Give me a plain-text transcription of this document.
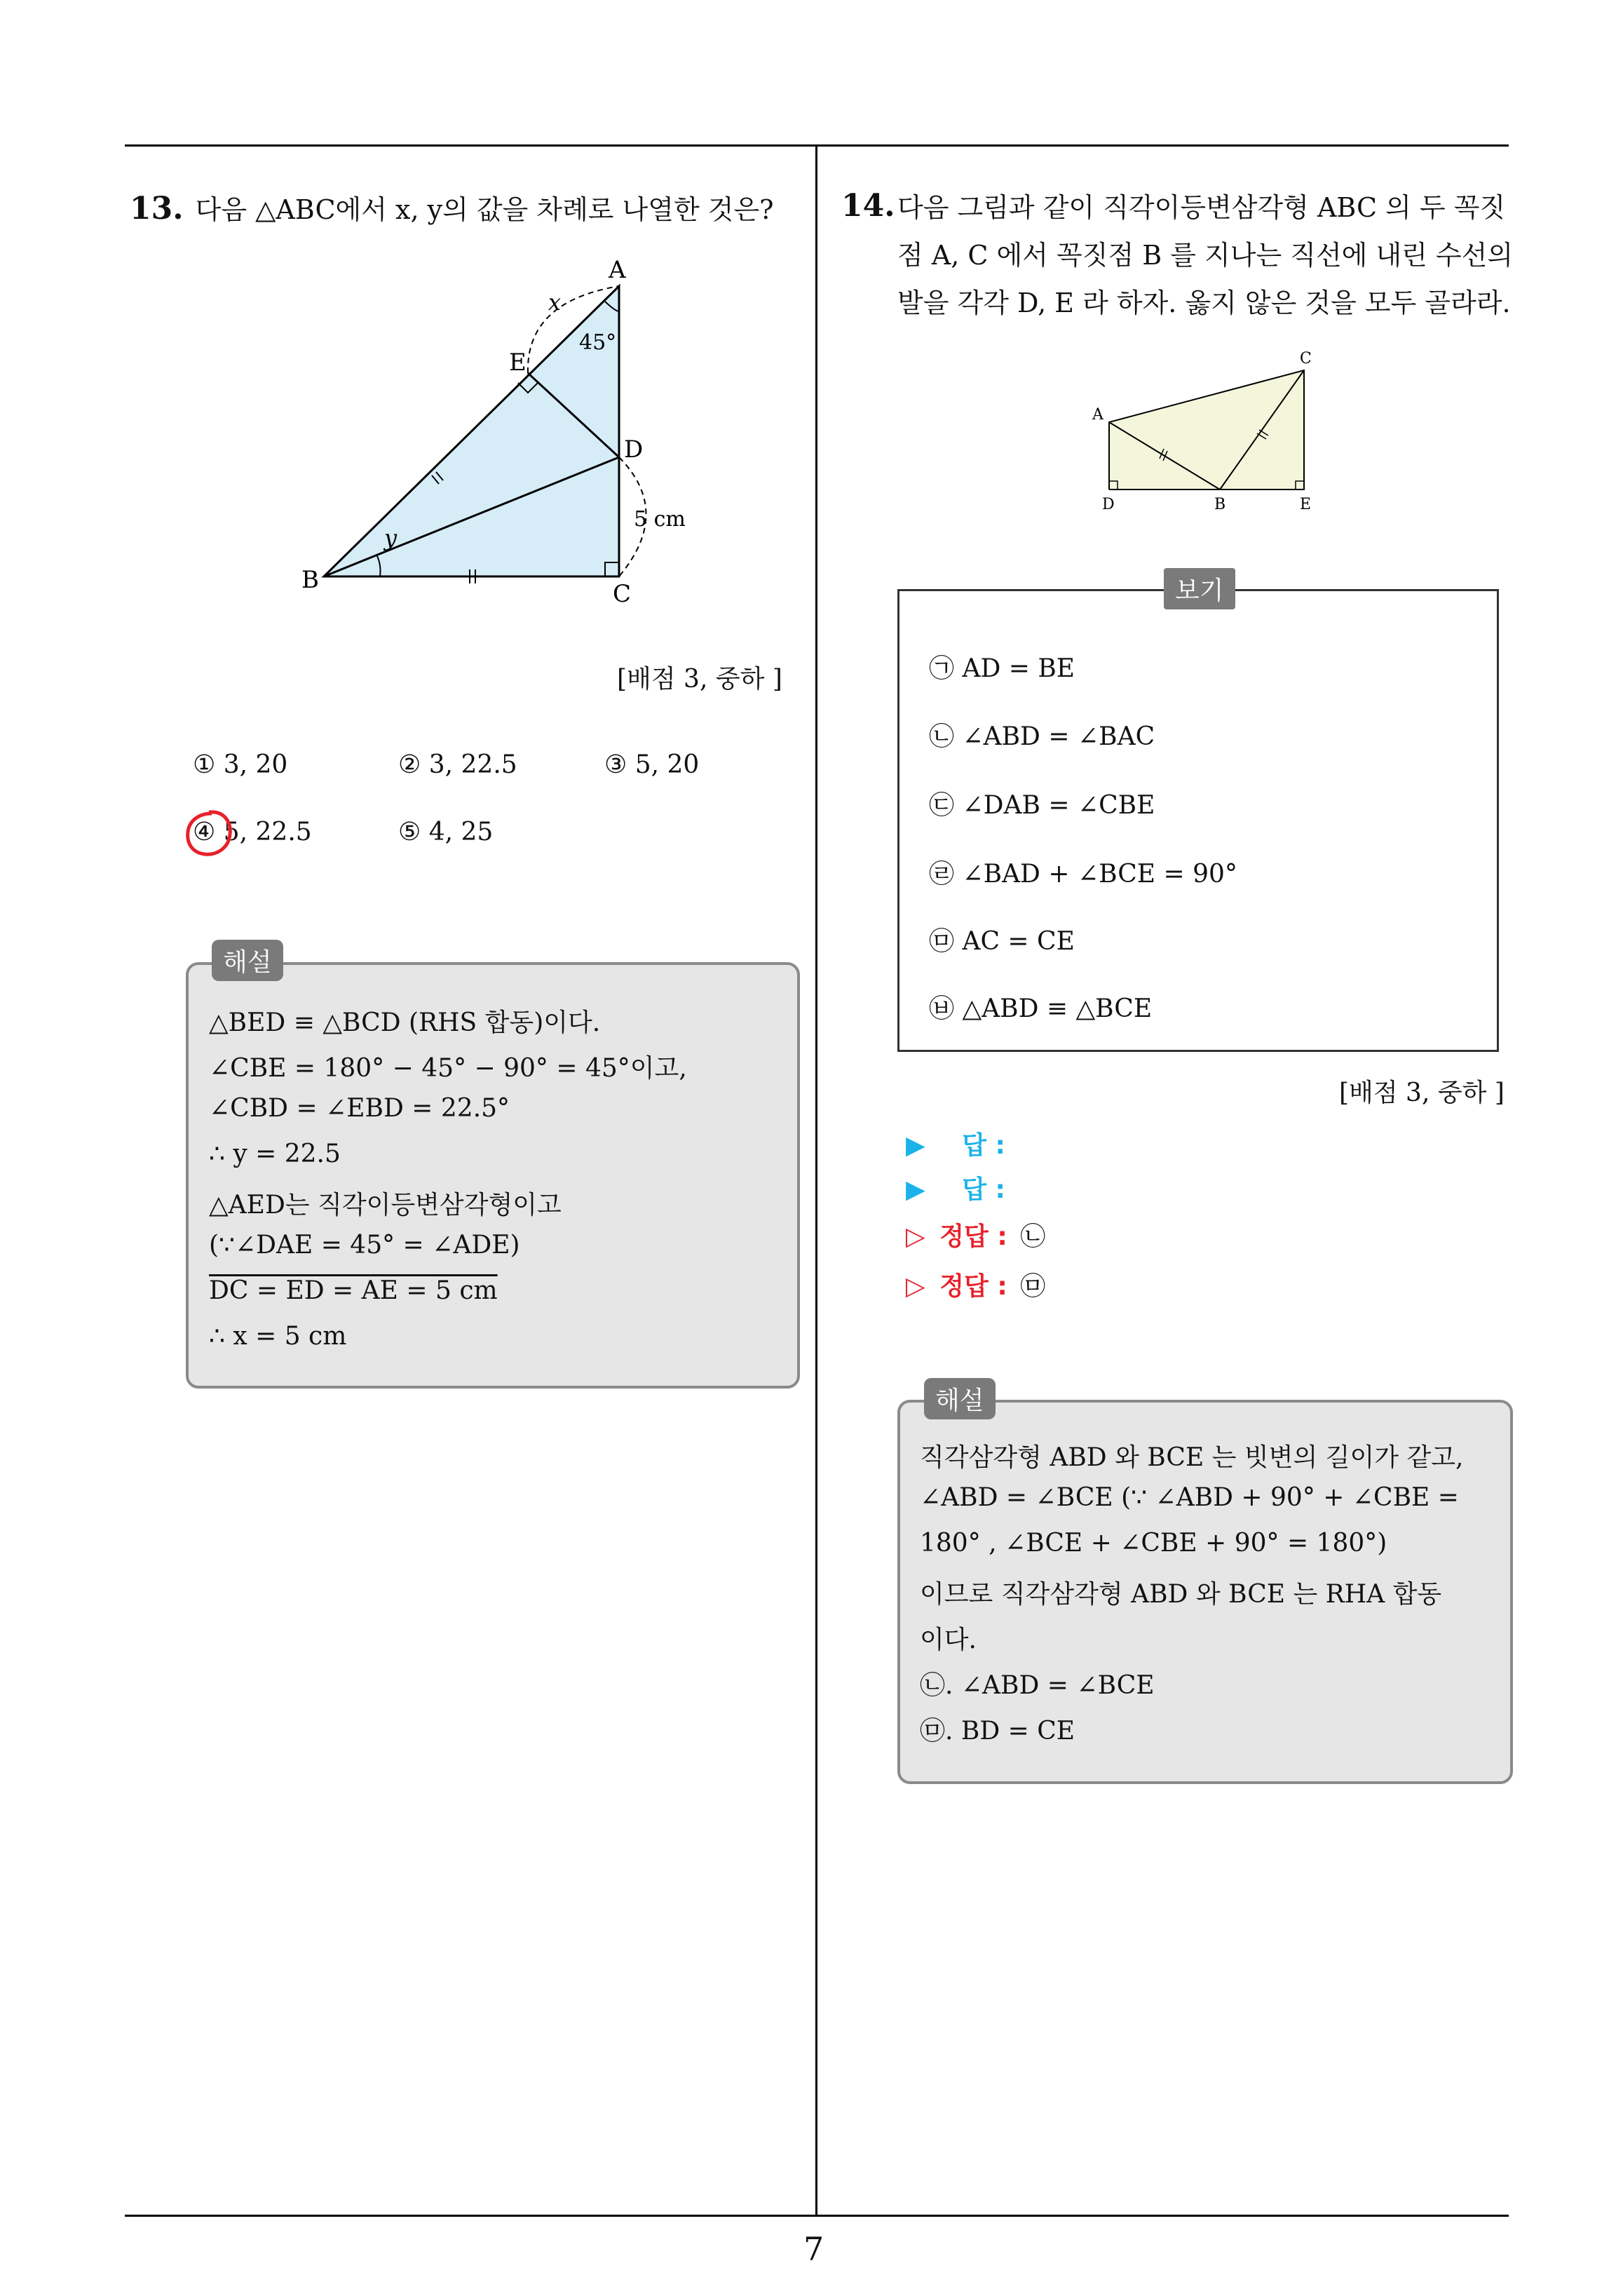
13. 다음 △ABC에서 x, y의 값을 차례로 나열한 것은?
A
E
D
B	C
x
y
45°
5 cm
[배점 3, 중하 ]
① 3, 20	② 3, 22.5	③ 5, 20
④ 5, 22.5	⑤ 4, 25
해설
△BED ≡ △BCD (RHS 합동)이다.
∠CBE = 180° − 45° − 90° = 45°이고,
∠CBD = ∠EBD = 22.5°
∴ y = 22.5
△AED는 직각이등변삼각형이고
(∵∠DAE = 45° = ∠ADE)
DC = ED = AE = 5 cm
∴ x = 5 cm
14. 다음 그림과 같이 직각이등변삼각형 ABC 의 두 꼭짓
점 A, C 에서 꼭짓점 B 를 지나는 직선에 내린 수선의
발을 각각 D, E 라 하자. 옳지 않은 것을 모두 골라라.
A
C
D	B	E
보기
㉠ AD = BE
㉡ ∠ABD = ∠BAC
㉢ ∠DAB = ∠CBE
㉣ ∠BAD + ∠BCE = 90°
㉤ AC = CE
㉥ △ABD ≡ △BCE
[배점 3, 중하 ]
▶ 답 :
▶ 답 :
▷ 정답 : ㉡
▷ 정답 : ㉤
해설
직각삼각형 ABD 와 BCE 는 빗변의 길이가 같고,
∠ABD = ∠BCE (∵ ∠ABD + 90° + ∠CBE =
180° , ∠BCE + ∠CBE + 90° = 180°)
이므로 직각삼각형 ABD 와 BCE 는 RHA 합동
이다.
㉡. ∠ABD = ∠BCE
㉤. BD = CE
7
